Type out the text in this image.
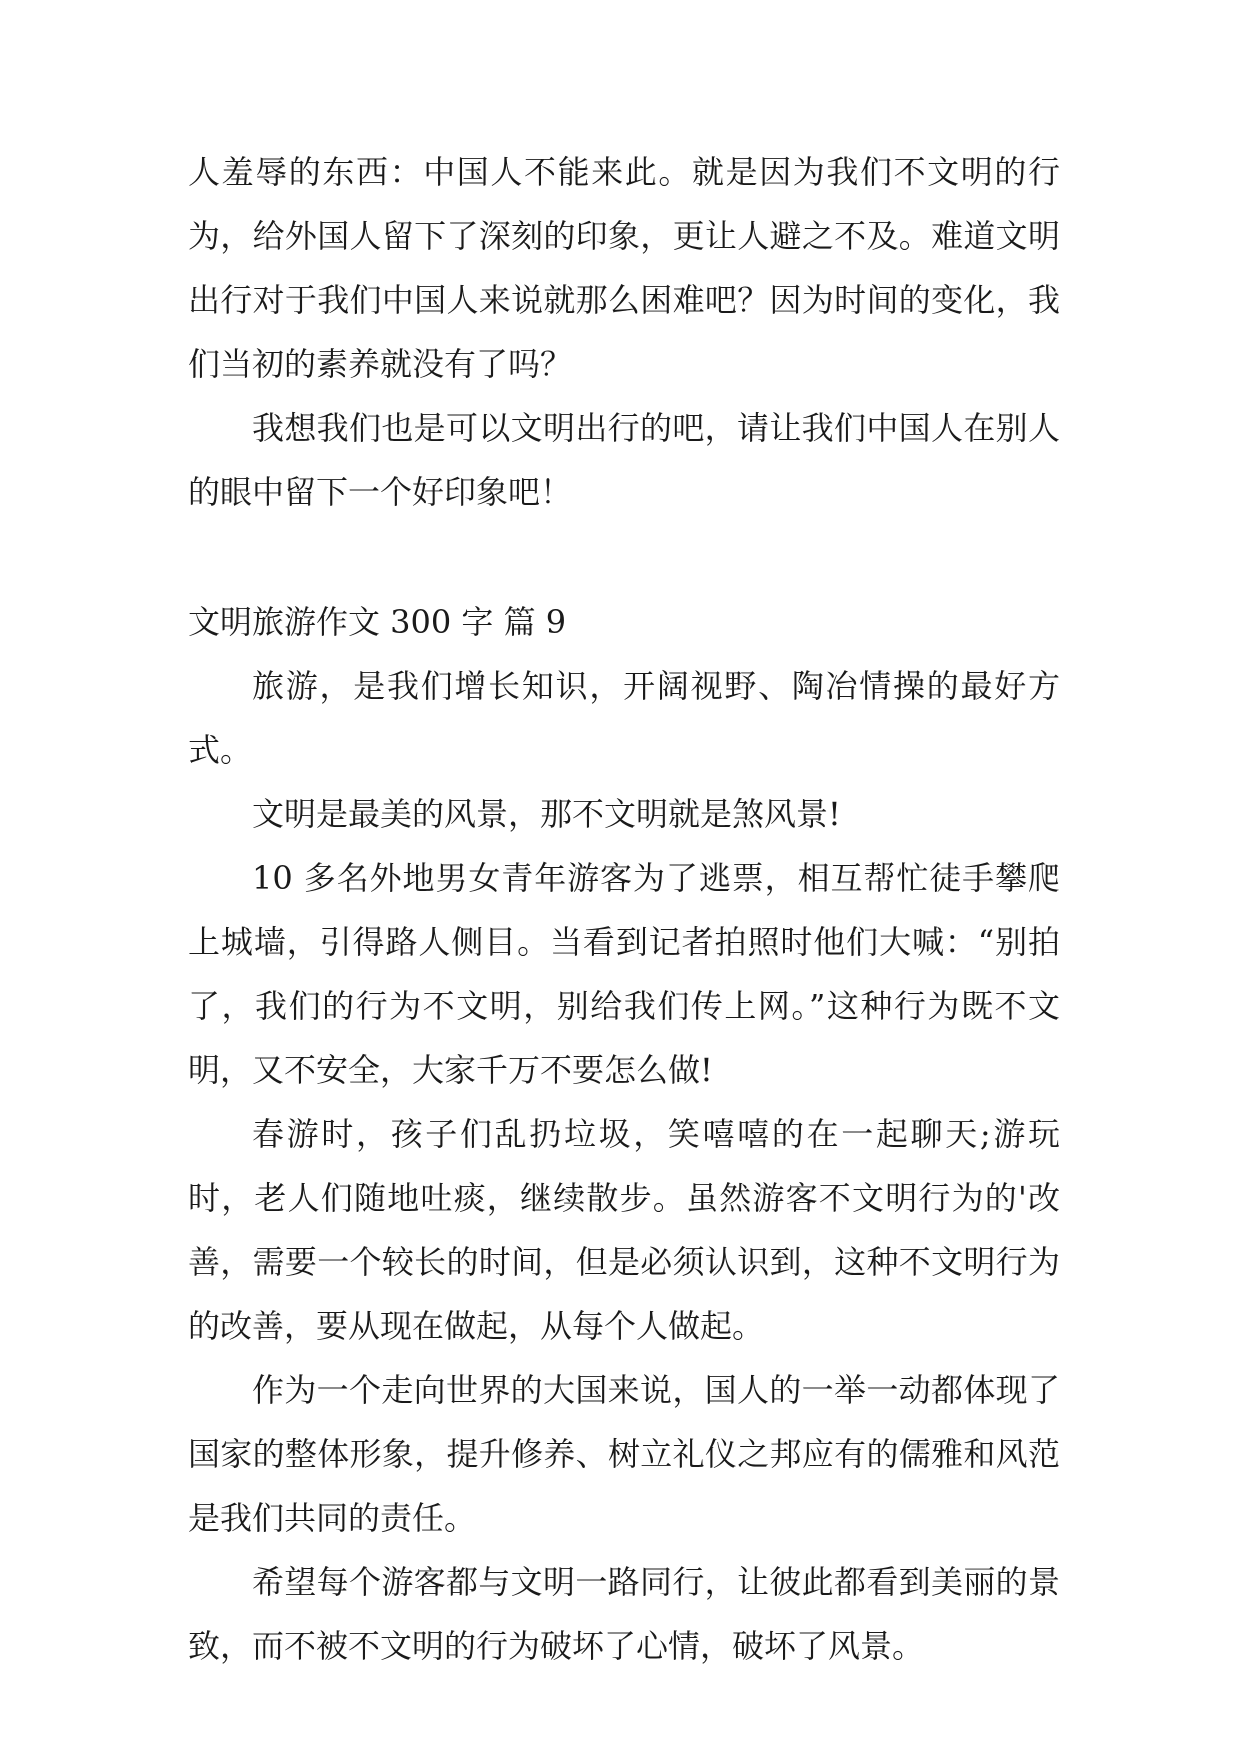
人羞辱的东西：中国人不能来此。就是因为我们不文明的行为，给外国人留下了深刻的印象，更让人避之不及。难道文明出行对于我们中国人来说就那么困难吧？因为时间的变化，我们当初的素养就没有了吗？

我想我们也是可以文明出行的吧，请让我们中国人在别人的眼中留下一个好印象吧！

文明旅游作文 300 字 篇 9

旅游，是我们增长知识，开阔视野、陶冶情操的最好方式。

文明是最美的风景，那不文明就是煞风景!

10 多名外地男女青年游客为了逃票，相互帮忙徒手攀爬上城墙，引得路人侧目。当看到记者拍照时他们大喊：“别拍了，我们的行为不文明，别给我们传上网。”这种行为既不文明，又不安全，大家千万不要怎么做!

春游时，孩子们乱扔垃圾，笑嘻嘻的在一起聊天;游玩时，老人们随地吐痰，继续散步。虽然游客不文明行为的'改善，需要一个较长的时间，但是必须认识到，这种不文明行为的改善，要从现在做起，从每个人做起。

作为一个走向世界的大国来说，国人的一举一动都体现了国家的整体形象，提升修养、树立礼仪之邦应有的儒雅和风范是我们共同的责任。

希望每个游客都与文明一路同行，让彼此都看到美丽的景致，而不被不文明的行为破坏了心情，破坏了风景。
